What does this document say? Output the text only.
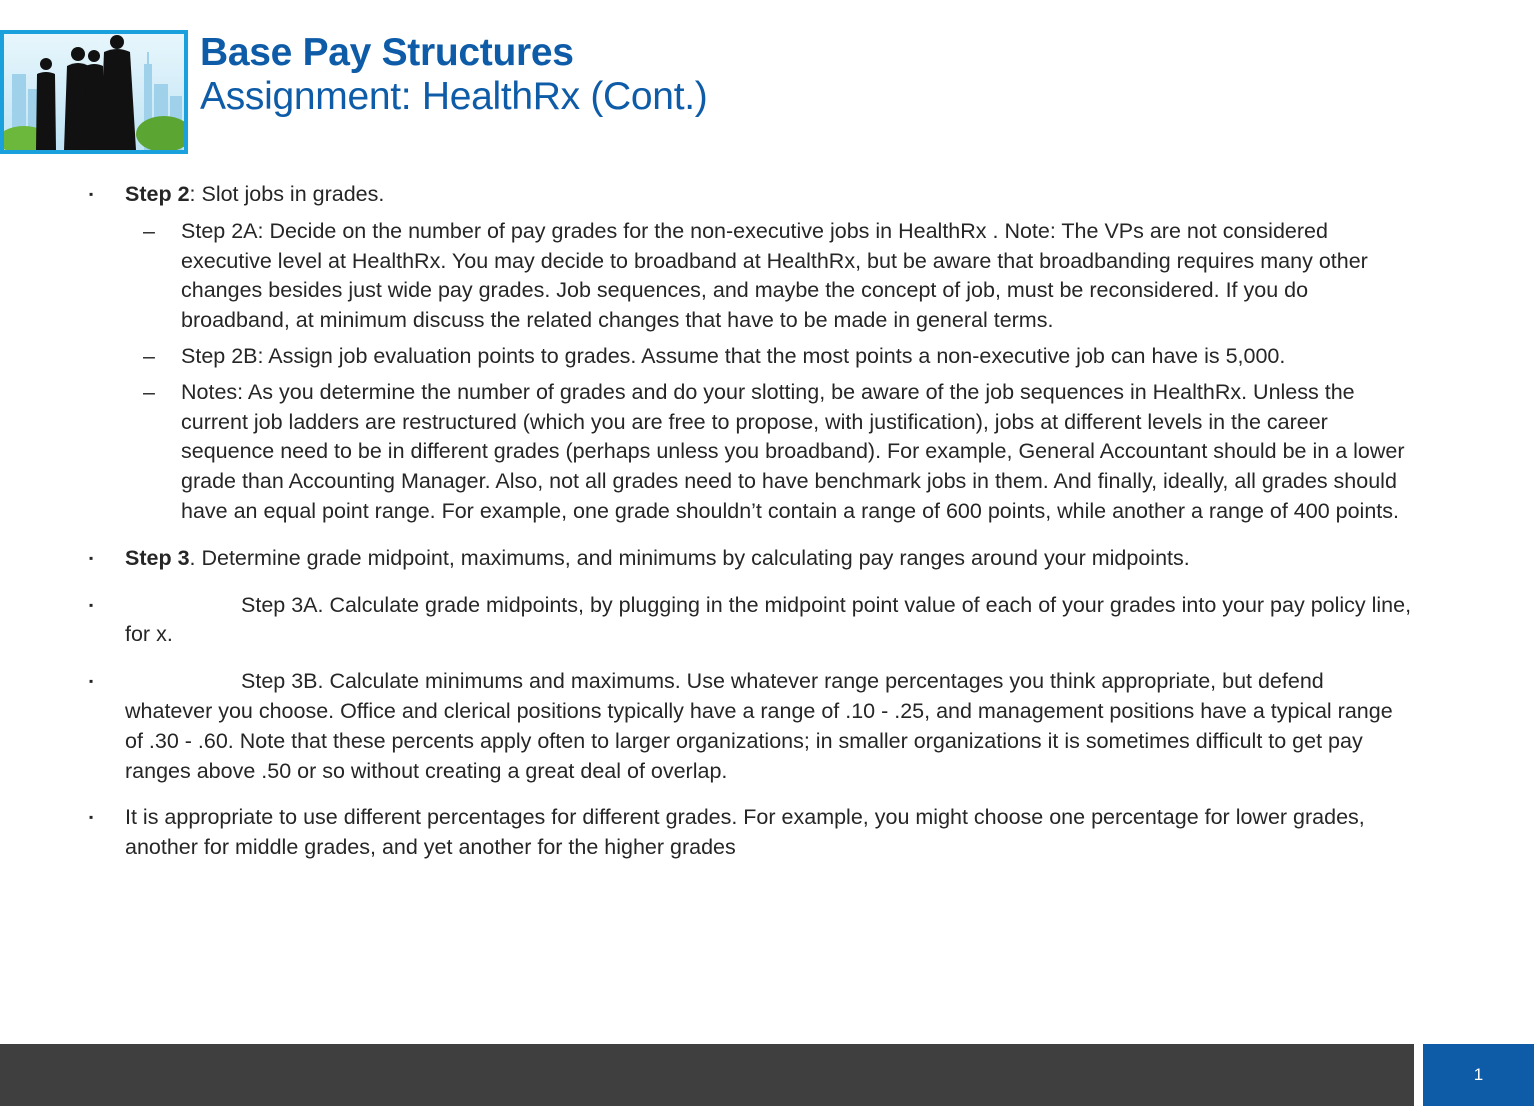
Base Pay Structures
Assignment: HealthRx (Cont.)
▪
Step 2: Slot jobs in grades.
– Step 2A: Decide on the number of pay grades for the non-executive jobs in HealthRx . Note: The VPs are not considered executive level at HealthRx. You may decide to broadband at HealthRx, but be aware that broadbanding requires many other changes besides just wide pay grades. Job sequences, and maybe the concept of job, must be reconsidered. If you do broadband, at minimum discuss the related changes that have to be made in general terms.
– Step 2B: Assign job evaluation points to grades. Assume that the most points a non-executive job can have is 5,000.
– Notes: As you determine the number of grades and do your slotting, be aware of the job sequences in HealthRx. Unless the current job ladders are restructured (which you are free to propose, with justification), jobs at different levels in the career sequence need to be in different grades (perhaps unless you broadband). For example, General Accountant should be in a lower grade than Accounting Manager. Also, not all grades need to have benchmark jobs in them. And finally, ideally, all grades should have an equal point range. For example, one grade shouldn’t contain a range of 600 points, while another a range of 400 points.
▪
Step 3. Determine grade midpoint, maximums, and minimums by calculating pay ranges around your midpoints.
▪
Step 3A. Calculate grade midpoints, by plugging in the midpoint point value of each of your grades into your pay policy line, for x.
▪
Step 3B. Calculate minimums and maximums. Use whatever range percentages you think appropriate, but defend whatever you choose. Office and clerical positions typically have a range of .10 - .25, and management positions have a typical range of .30 - .60. Note that these percents apply often to larger organizations; in smaller organizations it is sometimes difficult to get pay ranges above .50 or so without creating a great deal of overlap.
▪
It is appropriate to use different percentages for different grades. For example, you might choose one percentage for lower grades, another for middle grades, and yet another for the higher grades
1
